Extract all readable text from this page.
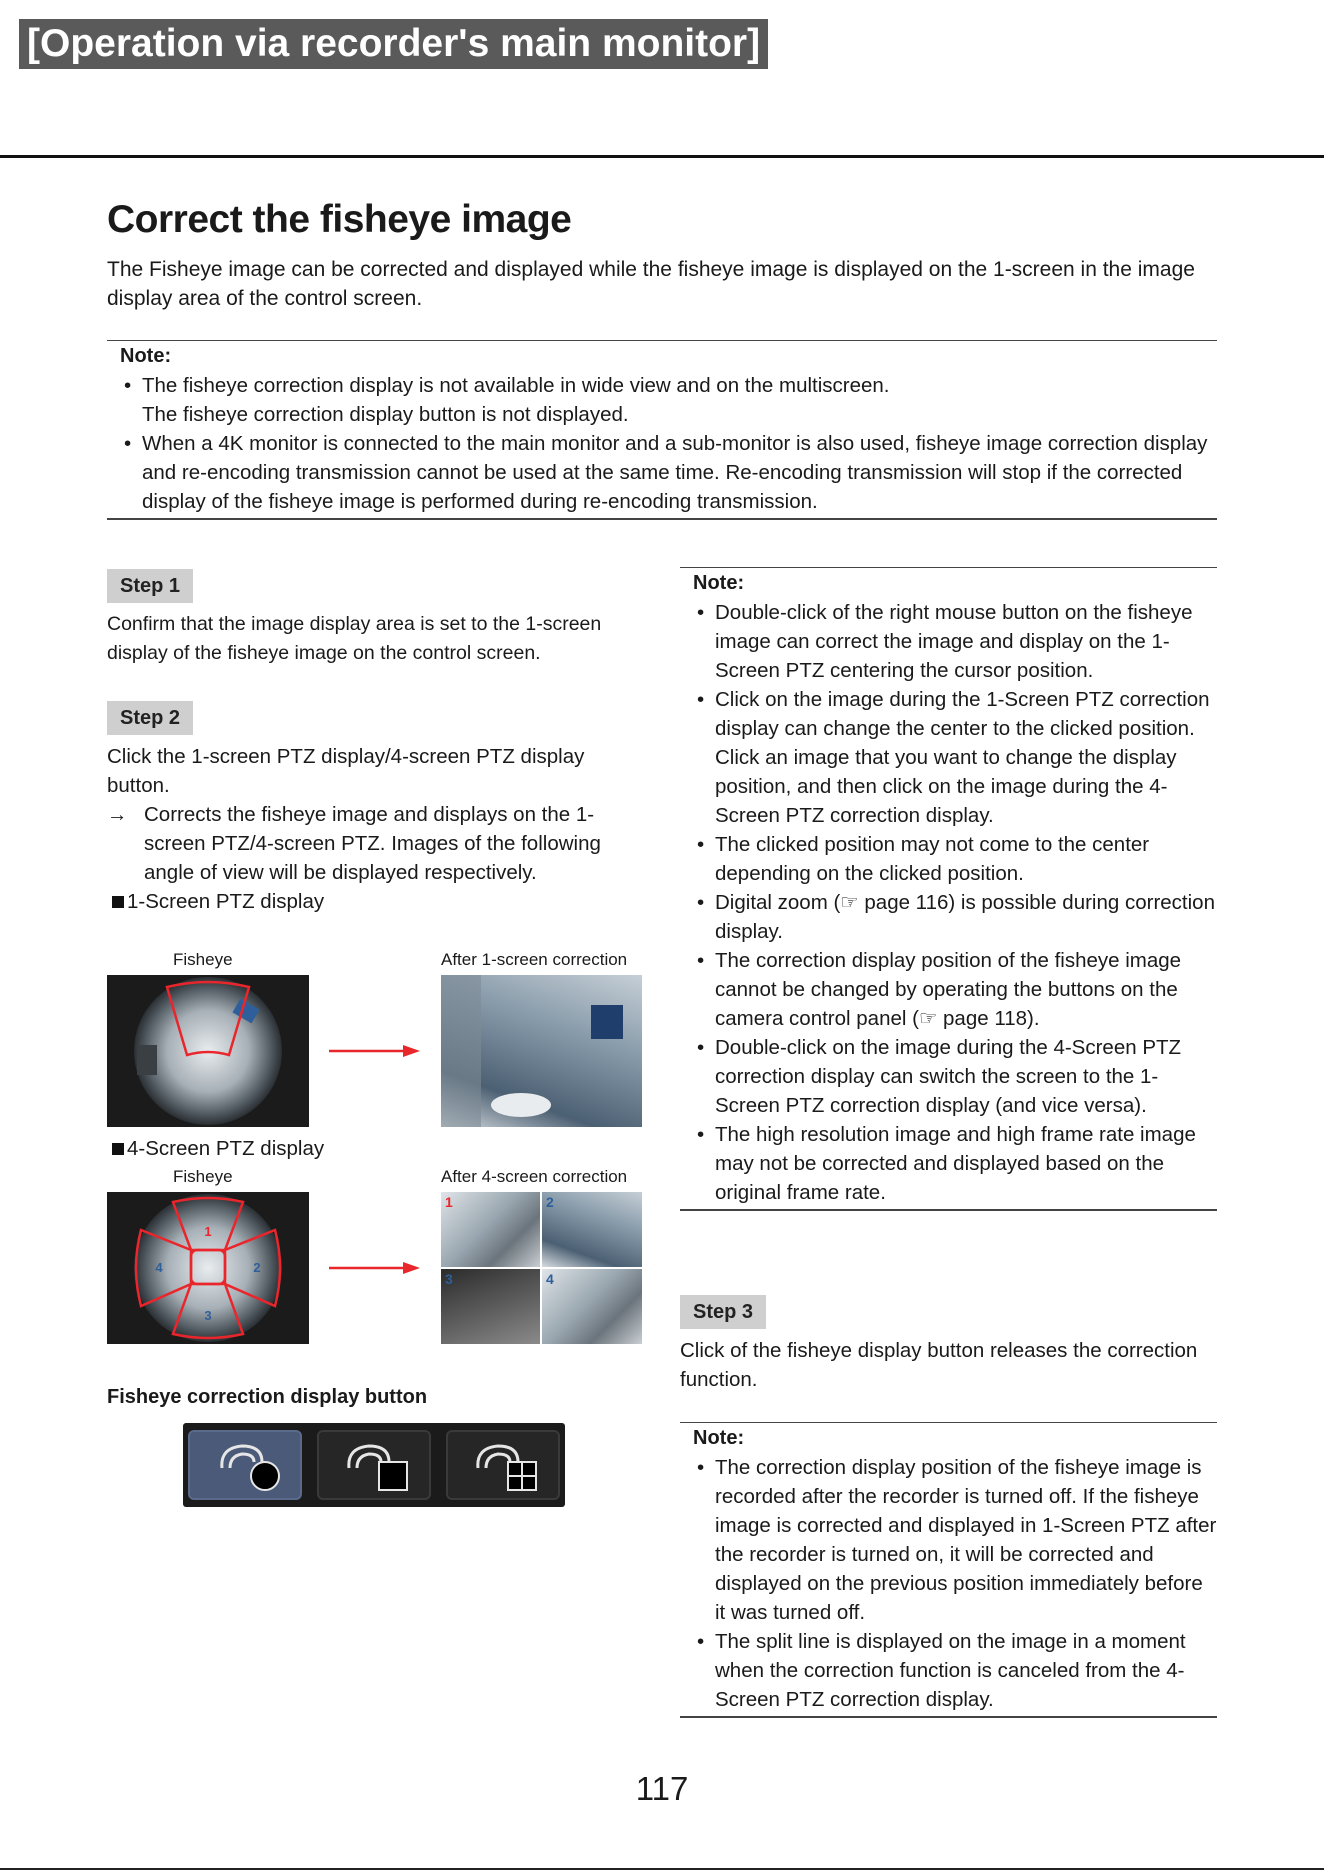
[Operation via recorder's main monitor]
Correct the fisheye image
The Fisheye image can be corrected and displayed while the fisheye image is displayed on the 1-screen in the image display area of the control screen.
Note:
• The fisheye correction display is not available in wide view and on the multiscreen.
The fisheye correction display button is not displayed.
• When a 4K monitor is connected to the main monitor and a sub-monitor is also used, fisheye image correction display and re-encoding transmission cannot be used at the same time. Re-encoding transmission will stop if the corrected display of the fisheye image is performed during re-encoding transmission.
Step 1
Confirm that the image display area is set to the 1-screen display of the fisheye image on the control screen.
Step 2
Click the 1-screen PTZ display/4-screen PTZ display button.
→ Corrects the fisheye image and displays on the 1-screen PTZ/4-screen PTZ. Images of the following angle of view will be displayed respectively.
1-Screen PTZ display
Fisheye	After 1-screen correction
4-Screen PTZ display
Fisheye	After 4-screen correction
1
2
3
4
1	2
3	4
Fisheye correction display button
Note:
• Double-click of the right mouse button on the fisheye image can correct the image and display on the 1-Screen PTZ centering the cursor position.
• Click on the image during the 1-Screen PTZ correction display can change the center to the clicked position. Click an image that you want to change the display position, and then click on the image during the 4-Screen PTZ correction display.
• The clicked position may not come to the center depending on the clicked position.
• Digital zoom (☞ page 116) is possible during correction display.
• The correction display position of the fisheye image cannot be changed by operating the buttons on the camera control panel (☞ page 118).
• Double-click on the image during the 4-Screen PTZ correction display can switch the screen to the 1-Screen PTZ correction display (and vice versa).
• The high resolution image and high frame rate image may not be corrected and displayed based on the original frame rate.
Step 3
Click of the fisheye display button releases the correction function.
Note:
• The correction display position of the fisheye image is recorded after the recorder is turned off. If the fisheye image is corrected and displayed in 1-Screen PTZ after the recorder is turned on, it will be corrected and displayed on the previous position immediately before it was turned off.
• The split line is displayed on the image in a moment when the correction function is canceled from the 4-Screen PTZ correction display.
117
